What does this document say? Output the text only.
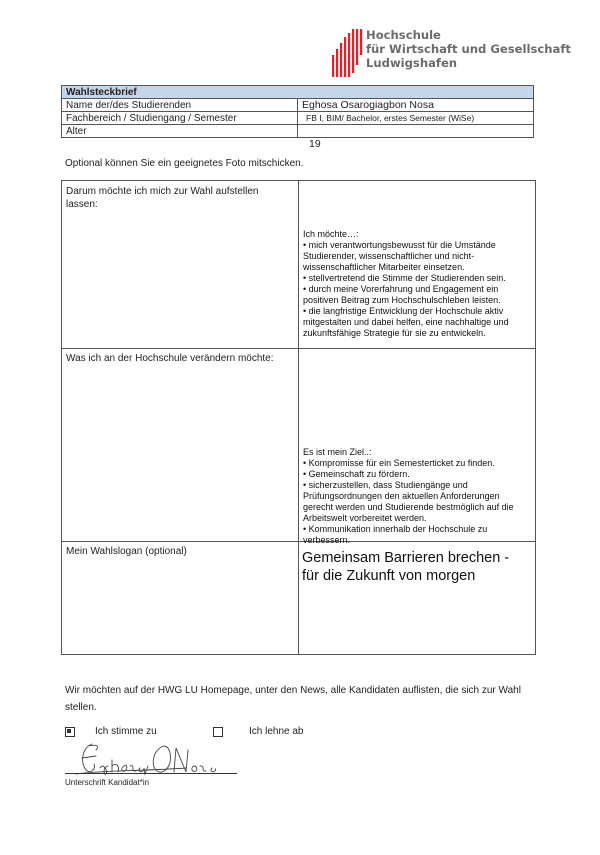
Hochschule
für Wirtschaft und Gesellschaft
Ludwigshafen
Wahlsteckbrief	
Name der/des Studierenden	Eghosa Osarogiagbon Nosa
Fachbereich / Studiengang / Semester	FB I, BIM/ Bachelor, erstes Semester (WiSe)
Alter	
19
Optional können Sie ein geeignetes Foto mitschicken.
Darum möchte ich mich zur Wahl aufstellen lassen:
Ich möchte…:
• mich verantwortungsbewusst für die Umstände Studierender, wissenschaftlicher und nicht-wissenschaftlicher Mitarbeiter einsetzen.
• stellvertretend die Stimme der Studierenden sein.
• durch meine Vorerfahrung und Engagement ein positiven Beitrag zum Hochschulschleben leisten.
• die langfristige Entwicklung der Hochschule aktiv mitgestalten und dabei helfen, eine nachhaltige und zukunftsfähige Strategie für sie zu entwickeln.
Was ich an der Hochschule verändern möchte:
Es ist mein Ziel..:
• Kompromisse für ein Semesterticket zu finden.
• Gemeinschaft zu fördern.
• sicherzustellen, dass Studiengänge und Prüfungsordnungen den aktuellen Anforderungen gerecht werden und Studierende bestmöglich auf die Arbeitswelt vorbereitet werden.
• Kommunikation innerhalb der Hochschule zu verbessern.
Mein Wahlslogan (optional)	Gemeinsam Barrieren brechen -
für die Zukunft von morgen
Wir möchten auf der HWG LU Homepage, unter den News, alle Kandidaten auflisten, die sich zur Wahl stellen.
Ich stimme zu	Ich lehne ab
Unterschrift Kandidat*in
